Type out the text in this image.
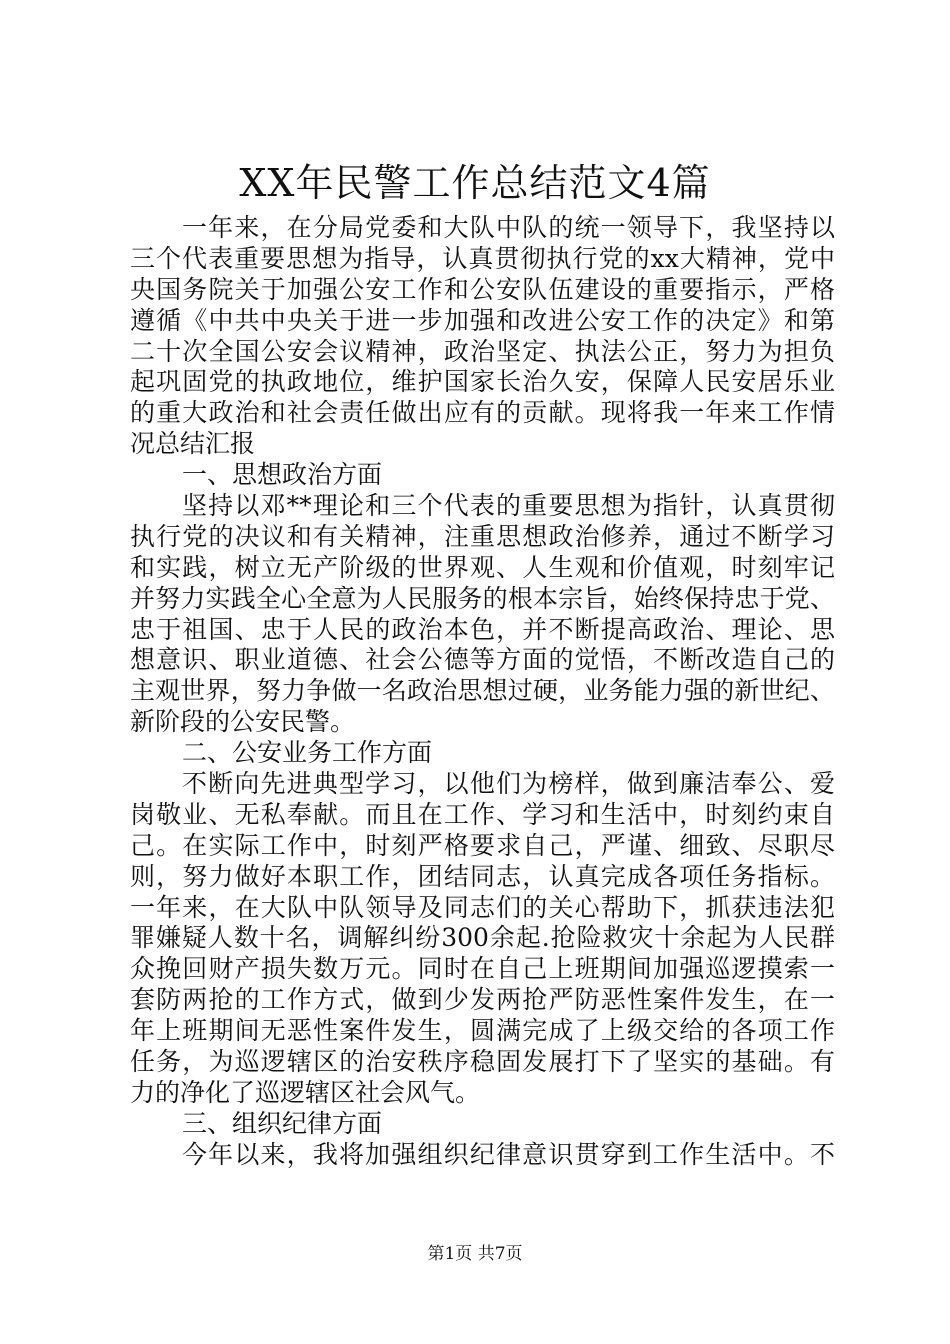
XX年民警工作总结范文4篇
一年来，在分局党委和大队中队的统一领导下，我坚持以
三个代表重要思想为指导，认真贯彻执行党的xx大精神，党中
央国务院关于加强公安工作和公安队伍建设的重要指示，严格
遵循《中共中央关于进一步加强和改进公安工作的决定》和第
二十次全国公安会议精神，政治坚定、执法公正，努力为担负
起巩固党的执政地位，维护国家长治久安，保障人民安居乐业
的重大政治和社会责任做出应有的贡献。现将我一年来工作情
况总结汇报
一、思想政治方面
坚持以邓**理论和三个代表的重要思想为指针，认真贯彻
执行党的决议和有关精神，注重思想政治修养，通过不断学习
和实践，树立无产阶级的世界观、人生观和价值观，时刻牢记
并努力实践全心全意为人民服务的根本宗旨，始终保持忠于党、
忠于祖国、忠于人民的政治本色，并不断提高政治、理论、思
想意识、职业道德、社会公德等方面的觉悟，不断改造自己的
主观世界，努力争做一名政治思想过硬，业务能力强的新世纪、
新阶段的公安民警。
二、公安业务工作方面
不断向先进典型学习，以他们为榜样，做到廉洁奉公、爱
岗敬业、无私奉献。而且在工作、学习和生活中，时刻约束自
己。在实际工作中，时刻严格要求自己，严谨、细致、尽职尽
则，努力做好本职工作，团结同志，认真完成各项任务指标。
一年来，在大队中队领导及同志们的关心帮助下，抓获违法犯
罪嫌疑人数十名，调解纠纷300余起.抢险救灾十余起为人民群
众挽回财产损失数万元。同时在自己上班期间加强巡逻摸索一
套防两抢的工作方式，做到少发两抢严防恶性案件发生，在一
年上班期间无恶性案件发生，圆满完成了上级交给的各项工作
任务，为巡逻辖区的治安秩序稳固发展打下了坚实的基础。有
力的净化了巡逻辖区社会风气。
三、组织纪律方面
今年以来，我将加强组织纪律意识贯穿到工作生活中。不
第1页 共7页
